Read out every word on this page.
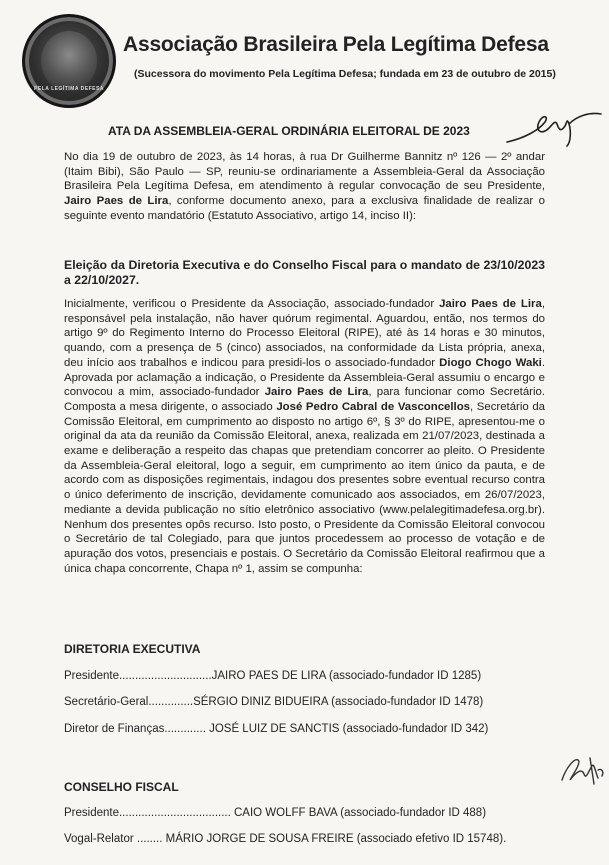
PELA LEGÍTIMA DEFESA
Associação Brasileira Pela Legítima Defesa
(Sucessora do movimento Pela Legítima Defesa; fundada em 23 de outubro de 2015)
ATA DA ASSEMBLEIA-GERAL ORDINÁRIA ELEITORAL DE 2023
No dia 19 de outubro de 2023, às 14 horas, à rua Dr Guilherme Bannitz nº 126 — 2º andar (Itaim Bibi), São Paulo — SP, reuniu-se ordinariamente a Assembleia-Geral da Associação Brasileira Pela Legítima Defesa, em atendimento à regular convocação de seu Presidente, Jairo Paes de Lira, conforme documento anexo, para a exclusiva finalidade de realizar o seguinte evento mandatório (Estatuto Associativo, artigo 14, inciso II):
Eleição da Diretoria Executiva e do Conselho Fiscal para o mandato de 23/10/2023 a 22/10/2027.
Inicialmente, verificou o Presidente da Associação, associado-fundador Jairo Paes de Lira, responsável pela instalação, não haver quórum regimental. Aguardou, então, nos termos do artigo 9º do Regimento Interno do Processo Eleitoral (RIPE), até às 14 horas e 30 minutos, quando, com a presença de 5 (cinco) associados, na conformidade da Lista própria, anexa, deu início aos trabalhos e indicou para presidi-los o associado-fundador Diogo Chogo Waki. Aprovada por aclamação a indicação, o Presidente da Assembleia-Geral assumiu o encargo e convocou a mim, associado-fundador Jairo Paes de Lira, para funcionar como Secretário. Composta a mesa dirigente, o associado José Pedro Cabral de Vasconcellos, Secretário da Comissão Eleitoral, em cumprimento ao disposto no artigo 6º, § 3º do RIPE, apresentou-me o original da ata da reunião da Comissão Eleitoral, anexa, realizada em 21/07/2023, destinada a exame e deliberação a respeito das chapas que pretendiam concorrer ao pleito. O Presidente da Assembleia-Geral eleitoral, logo a seguir, em cumprimento ao item único da pauta, e de acordo com as disposições regimentais, indagou dos presentes sobre eventual recurso contra o único deferimento de inscrição, devidamente comunicado aos associados, em 26/07/2023, mediante a devida publicação no sítio eletrônico associativo (www.pelalegitimadefesa.org.br). Nenhum dos presentes opôs recurso. Isto posto, o Presidente da Comissão Eleitoral convocou o Secretário de tal Colegiado, para que juntos procedessem ao processo de votação e de apuração dos votos, presenciais e postais. O Secretário da Comissão Eleitoral reafirmou que a única chapa concorrente, Chapa nº 1, assim se compunha:
DIRETORIA EXECUTIVA
Presidente.............................JAIRO PAES DE LIRA (associado-fundador ID 1285)
Secretário-Geral..............SÉRGIO DINIZ BIDUEIRA (associado-fundador ID 1478)
Diretor de Finanças............. JOSÉ LUIZ DE SANCTIS (associado-fundador ID 342)
CONSELHO FISCAL
Presidente................................... CAIO WOLFF BAVA (associado-fundador ID 488)
Vogal-Relator ........ MÁRIO JORGE DE SOUSA FREIRE (associado efetivo ID 15748).
